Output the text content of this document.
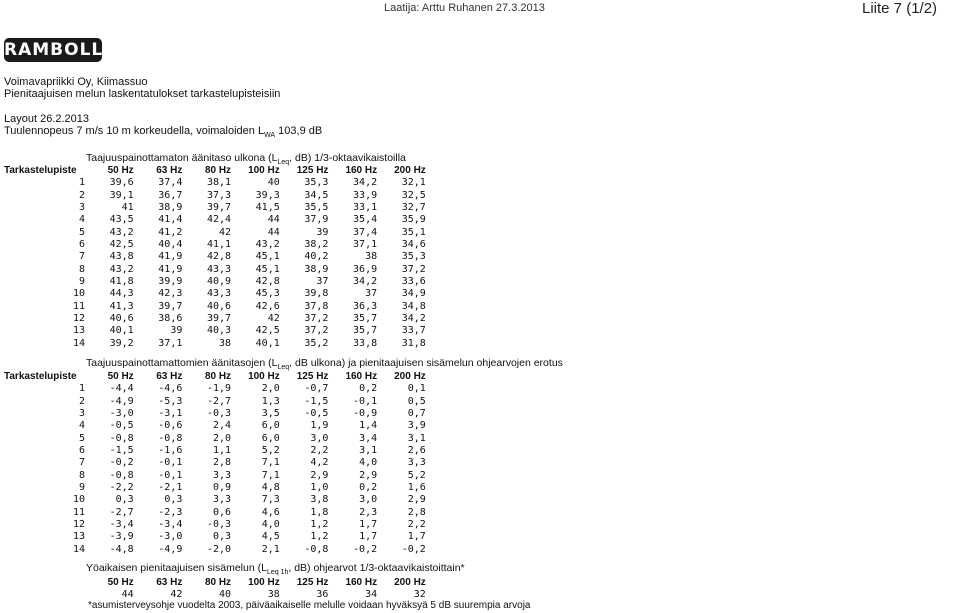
Laatija: Arttu Ruhanen 27.3.2013	Liite 7 (1/2)
RAMBOLL
Voimavapriikki Oy, Kiimassuo
Pienitaajuisen melun laskentatulokset tarkastelupisteisiin
Layout 26.2.2013
Tuulennopeus 7 m/s 10 m korkeudella, voimaloiden $L_{WA}$ 103,9 dB
Taajuuspainottamaton äänitaso ulkona ($L_{Leq}$, dB) 1/3-oktaavikaistoilla
Tarkastelupiste	50 Hz	63 Hz	80 Hz	100 Hz	125 Hz	160 Hz	200 Hz
1	39,6	37,4	38,1	40	35,3	34,2	32,1
2	39,1	36,7	37,3	39,3	34,5	33,9	32,5
3	41	38,9	39,7	41,5	35,5	33,1	32,7
4	43,5	41,4	42,4	44	37,9	35,4	35,9
5	43,2	41,2	42	44	39	37,4	35,1
6	42,5	40,4	41,1	43,2	38,2	37,1	34,6
7	43,8	41,9	42,8	45,1	40,2	38	35,3
8	43,2	41,9	43,3	45,1	38,9	36,9	37,2
9	41,8	39,9	40,9	42,8	37	34,2	33,6
10	44,3	42,3	43,3	45,3	39,8	37	34,9
11	41,3	39,7	40,6	42,6	37,8	36,3	34,8
12	40,6	38,6	39,7	42	37,2	35,7	34,2
13	40,1	39	40,3	42,5	37,2	35,7	33,7
14	39,2	37,1	38	40,1	35,2	33,8	31,8
Taajuuspainottamattomien äänitasojen ($L_{Leq}$, dB ulkona) ja pienitaajuisen sisämelun ohjearvojen erotus
Tarkastelupiste	50 Hz	63 Hz	80 Hz	100 Hz	125 Hz	160 Hz	200 Hz
1	-4,4	-4,6	-1,9	2,0	-0,7	0,2	0,1
2	-4,9	-5,3	-2,7	1,3	-1,5	-0,1	0,5
3	-3,0	-3,1	-0,3	3,5	-0,5	-0,9	0,7
4	-0,5	-0,6	2,4	6,0	1,9	1,4	3,9
5	-0,8	-0,8	2,0	6,0	3,0	3,4	3,1
6	-1,5	-1,6	1,1	5,2	2,2	3,1	2,6
7	-0,2	-0,1	2,8	7,1	4,2	4,0	3,3
8	-0,8	-0,1	3,3	7,1	2,9	2,9	5,2
9	-2,2	-2,1	0,9	4,8	1,0	0,2	1,6
10	0,3	0,3	3,3	7,3	3,8	3,0	2,9
11	-2,7	-2,3	0,6	4,6	1,8	2,3	2,8
12	-3,4	-3,4	-0,3	4,0	1,2	1,7	2,2
13	-3,9	-3,0	0,3	4,5	1,2	1,7	1,7
14	-4,8	-4,9	-2,0	2,1	-0,8	-0,2	-0,2
Yöaikaisen pienitaajuisen sisämelun ($L_{Leq 1h}$, dB) ohjearvot 1/3-oktaavikaistoittain*
50 Hz	63 Hz	80 Hz	100 Hz	125 Hz	160 Hz	200 Hz
44	42	40	38	36	34	32
*asumisterveysohje vuodelta 2003, päiväaikaiselle melulle voidaan hyväksyä 5 dB suurempia arvoja
